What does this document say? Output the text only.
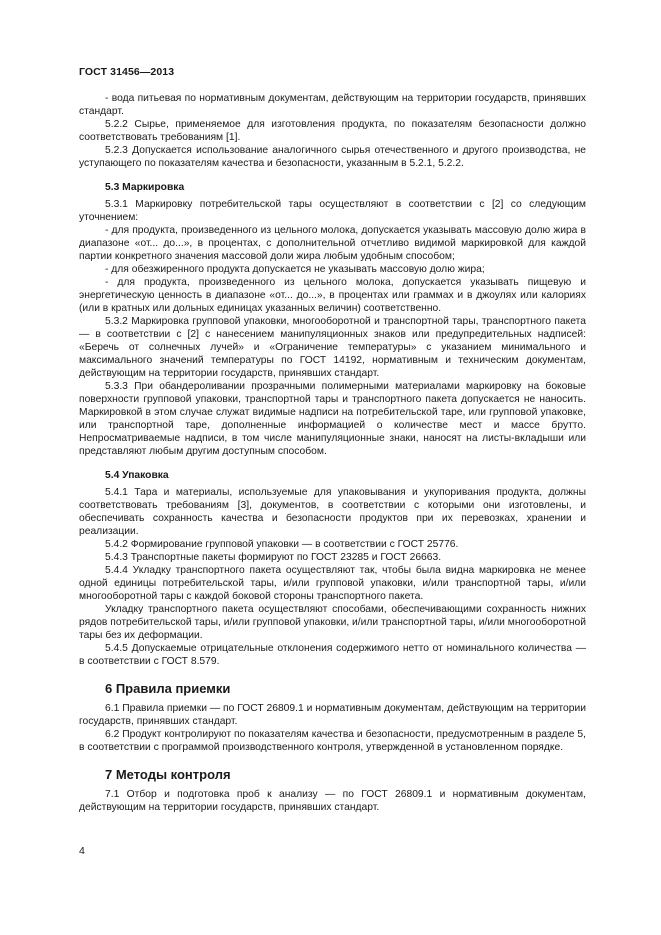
ГОСТ 31456—2013
- вода питьевая по нормативным документам, действующим на территории государств, принявших стандарт.
5.2.2 Сырье, применяемое для изготовления продукта, по показателям безопасности должно соответствовать требованиям [1].
5.2.3 Допускается использование аналогичного сырья отечественного и другого производства, не уступающего по показателям качества и безопасности, указанным в 5.2.1, 5.2.2.
5.3 Маркировка
5.3.1 Маркировку потребительской тары осуществляют в соответствии с [2] со следующим уточнением:
- для продукта, произведенного из цельного молока, допускается указывать массовую долю жира в диапазоне «от... до...», в процентах, с дополнительной отчетливо видимой маркировкой для каждой партии конкретного значения массовой доли жира любым удобным способом;
- для обезжиренного продукта допускается не указывать массовую долю жира;
- для продукта, произведенного из цельного молока, допускается указывать пищевую и энергетическую ценность в диапазоне «от... до...», в процентах или граммах и в джоулях или калориях (или в кратных или дольных единицах указанных величин) соответственно.
5.3.2 Маркировка групповой упаковки, многооборотной и транспортной тары, транспортного пакета — в соответствии с [2] с нанесением манипуляционных знаков или предупредительных надписей: «Беречь от солнечных лучей» и «Ограничение температуры» с указанием минимального и максимального значений температуры по ГОСТ 14192, нормативным и техническим документам, действующим на территории государств, принявших стандарт.
5.3.3 При обандероливании прозрачными полимерными материалами маркировку на боковые поверхности групповой упаковки, транспортной тары и транспортного пакета допускается не наносить. Маркировкой в этом случае служат видимые надписи на потребительской таре, или групповой упаковке, или транспортной таре, дополненные информацией о количестве мест и массе брутто. Непросматриваемые надписи, в том числе манипуляционные знаки, наносят на листы-вкладыши или представляют любым другим доступным способом.
5.4 Упаковка
5.4.1 Тара и материалы, используемые для упаковывания и укупоривания продукта, должны соответствовать требованиям [3], документов, в соответствии с которыми они изготовлены, и обеспечивать сохранность качества и безопасности продуктов при их перевозках, хранении и реализации.
5.4.2 Формирование групповой упаковки — в соответствии с ГОСТ 25776.
5.4.3 Транспортные пакеты формируют по ГОСТ 23285 и ГОСТ 26663.
5.4.4 Укладку транспортного пакета осуществляют так, чтобы была видна маркировка не менее одной единицы потребительской тары, и/или групповой упаковки, и/или транспортной тары, и/или многооборотной тары с каждой боковой стороны транспортного пакета.
Укладку транспортного пакета осуществляют способами, обеспечивающими сохранность нижних рядов потребительской тары, и/или групповой упаковки, и/или транспортной тары, и/или многооборотной тары без их деформации.
5.4.5 Допускаемые отрицательные отклонения содержимого нетто от номинального количества — в соответствии с ГОСТ 8.579.
6 Правила приемки
6.1 Правила приемки — по ГОСТ 26809.1 и нормативным документам, действующим на территории государств, принявших стандарт.
6.2 Продукт контролируют по показателям качества и безопасности, предусмотренным в разделе 5, в соответствии с программой производственного контроля, утвержденной в установленном порядке.
7 Методы контроля
7.1 Отбор и подготовка проб к анализу — по ГОСТ 26809.1 и нормативным документам, действующим на территории государств, принявших стандарт.
4
